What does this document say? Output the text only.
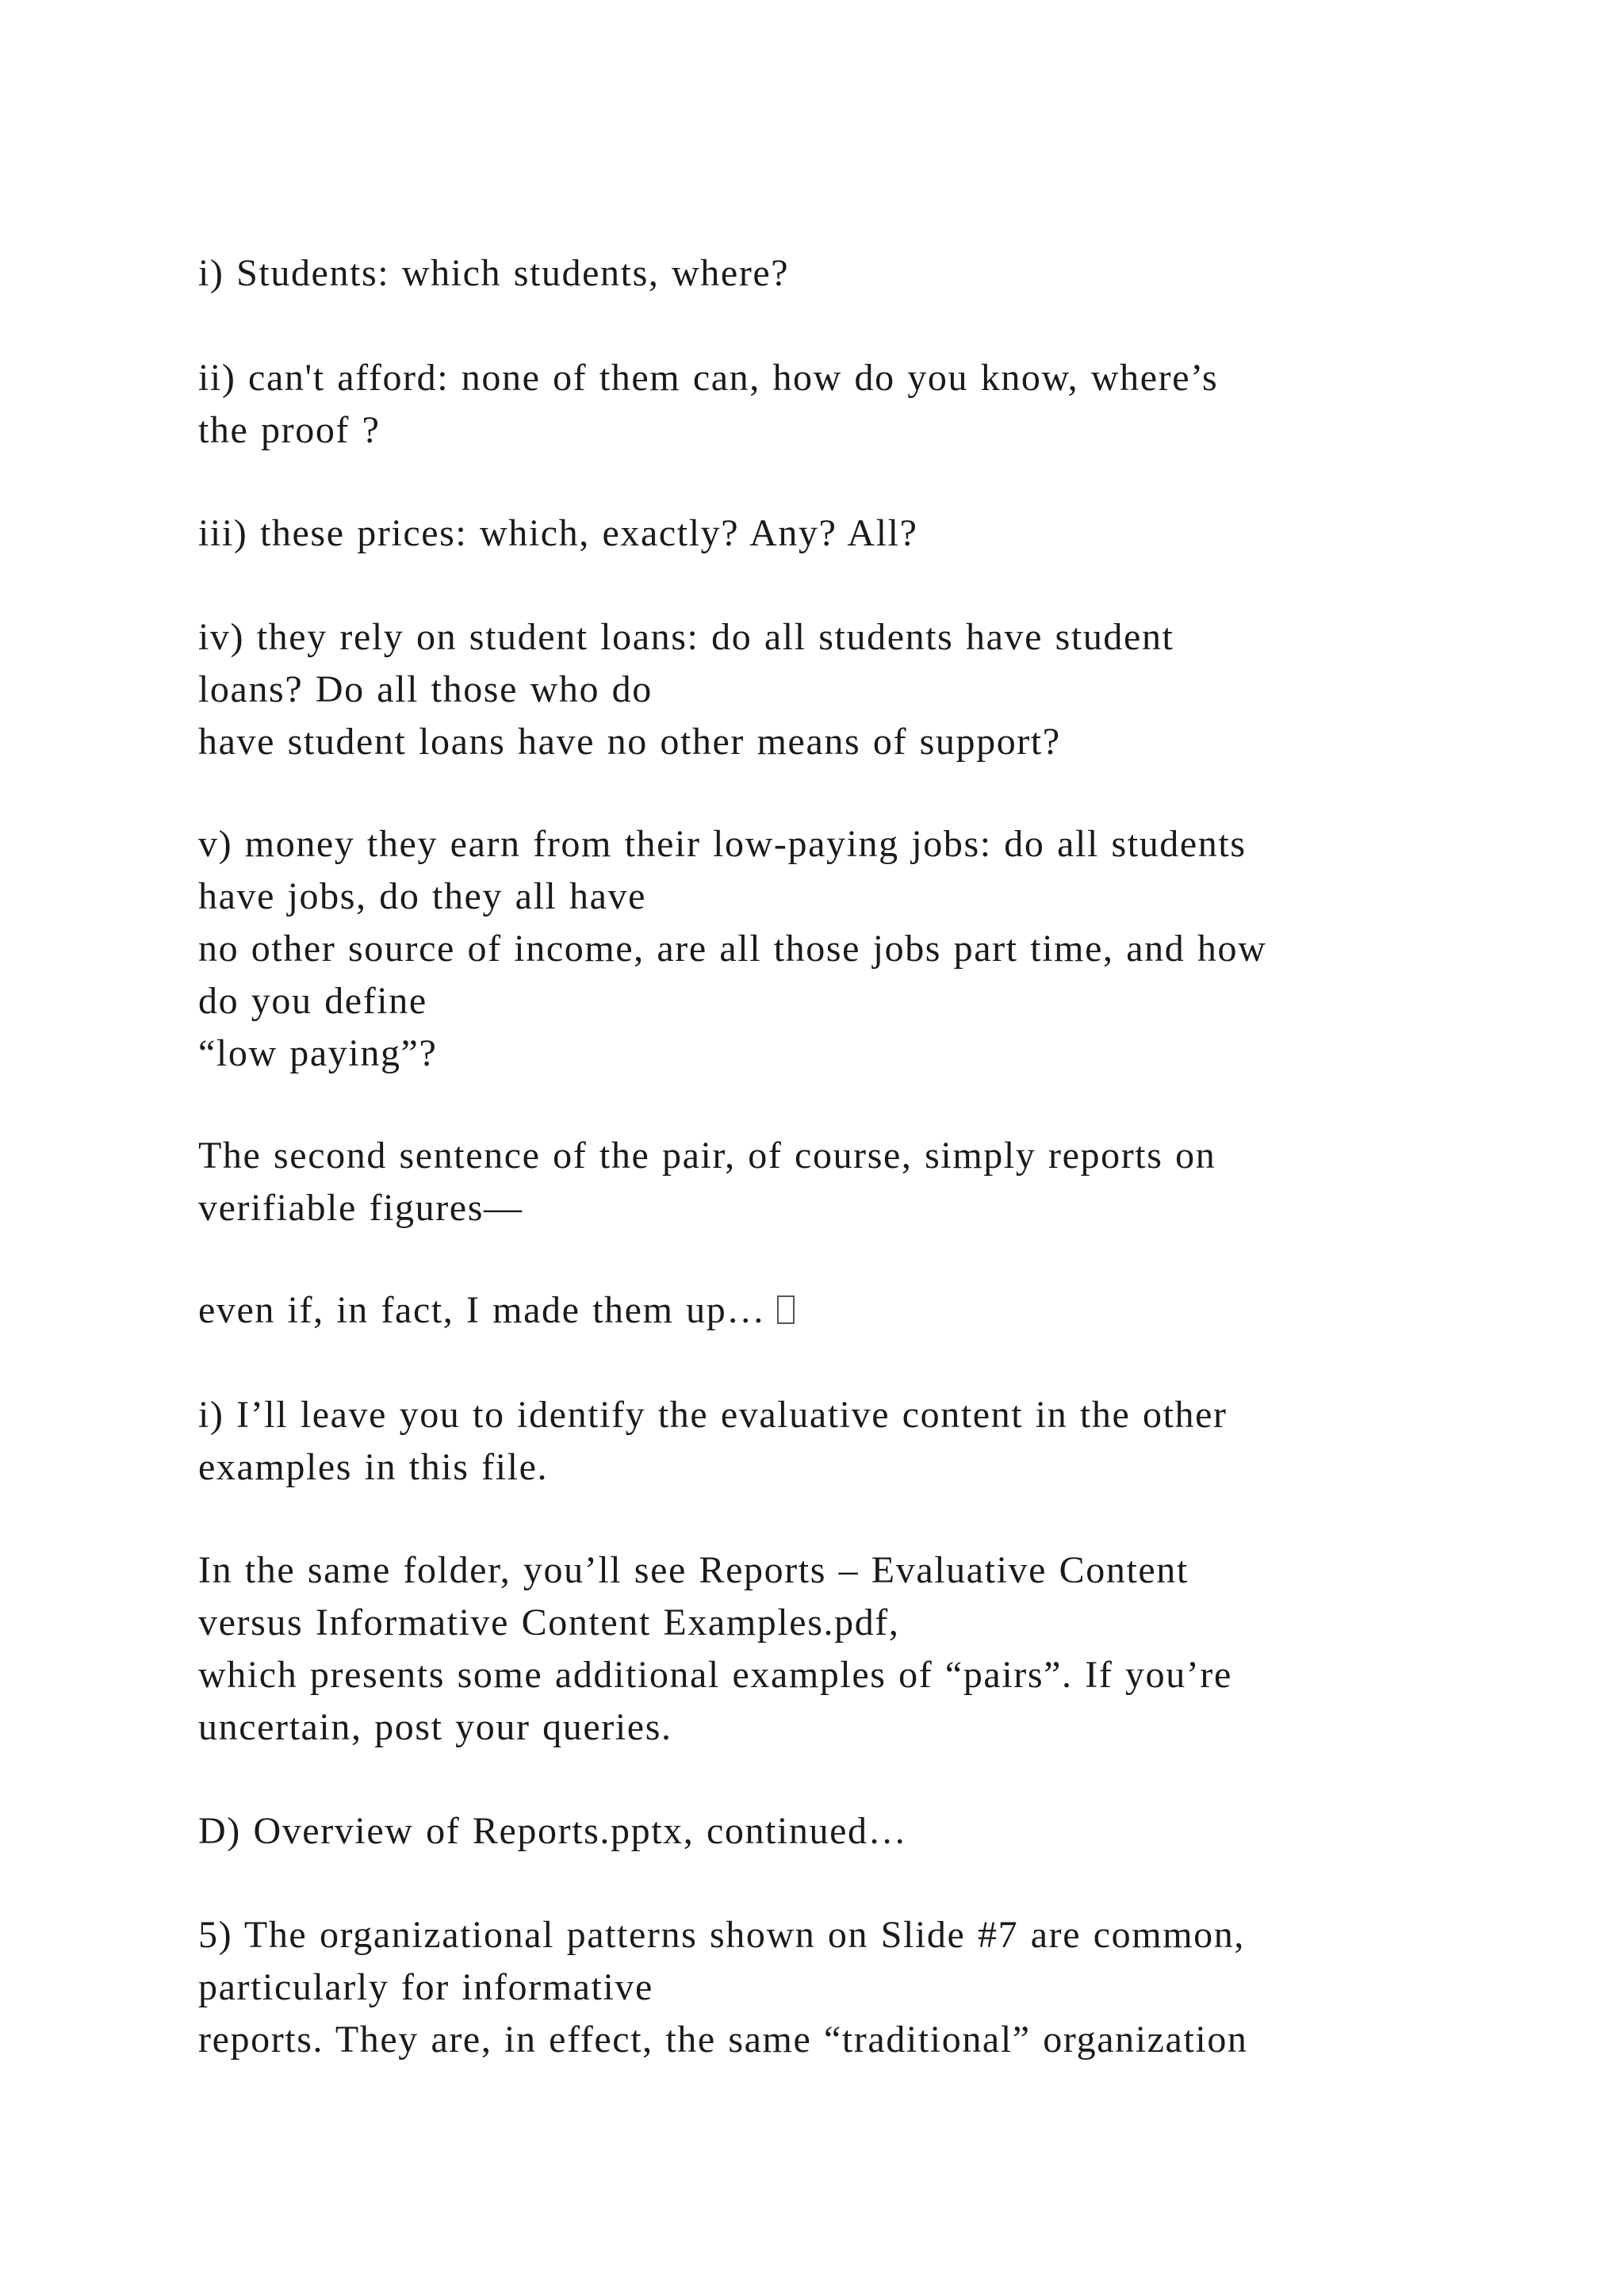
i) Students: which students, where?
ii) can't afford: none of them can, how do you know, where’s
the proof ?
iii) these prices: which, exactly? Any? All?
iv) they rely on student loans: do all students have student
loans? Do all those who do
have student loans have no other means of support?
v) money they earn from their low-paying jobs: do all students
have jobs, do they all have
no other source of income, are all those jobs part time, and how
do you define
“low paying”?
The second sentence of the pair, of course, simply reports on
verifiable figures—
even if, in fact, I made them up…
i) I’ll leave you to identify the evaluative content in the other
examples in this file.
In the same folder, you’ll see Reports – Evaluative Content
versus Informative Content Examples.pdf,
which presents some additional examples of “pairs”. If you’re
uncertain, post your queries.
D) Overview of Reports.pptx, continued…
5) The organizational patterns shown on Slide #7 are common,
particularly for informative
reports. They are, in effect, the same “traditional” organization
